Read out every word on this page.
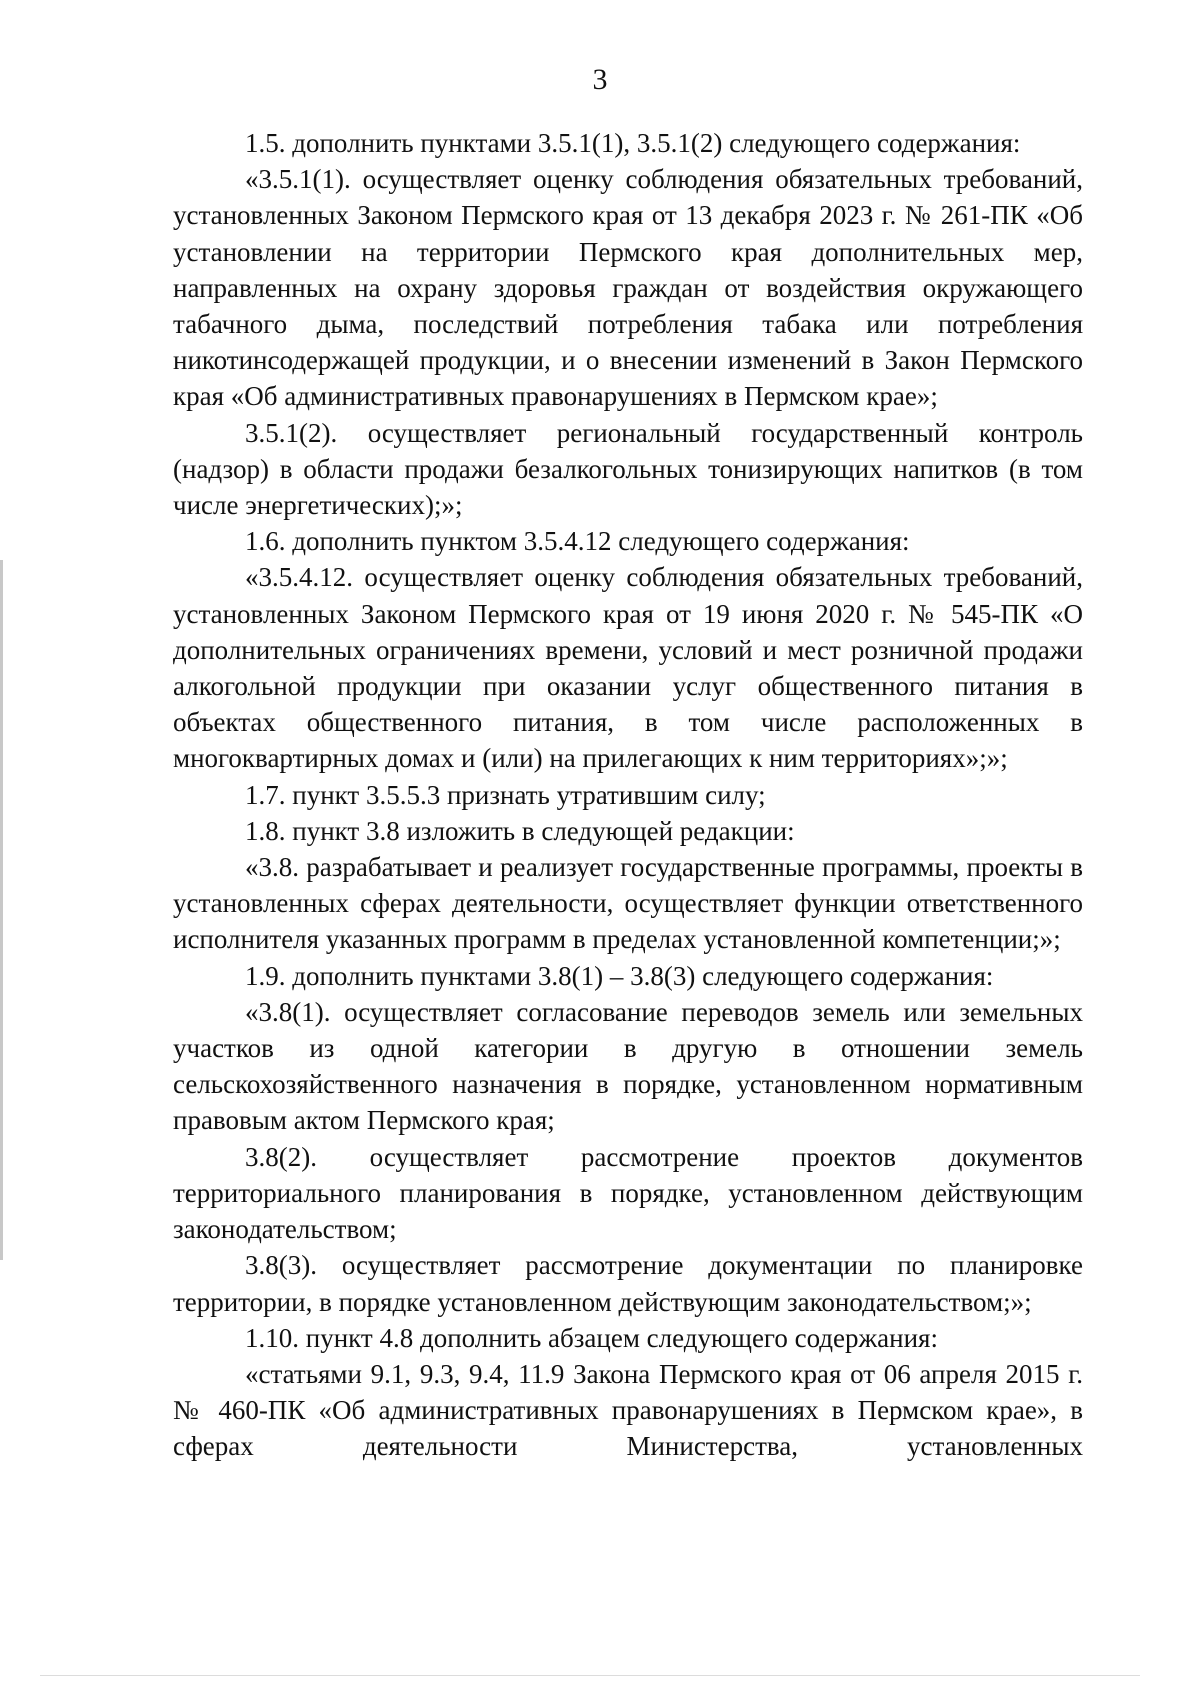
3

1.5. дополнить пунктами 3.5.1(1), 3.5.1(2) следующего содержания:

«3.5.1(1). осуществляет оценку соблюдения обязательных требований, установленных Законом Пермского края от 13 декабря 2023 г. № 261-ПК «Об установлении на территории Пермского края дополнительных мер, направленных на охрану здоровья граждан от воздействия окружающего табачного дыма, последствий потребления табака или потребления никотинсодержащей продукции, и о внесении изменений в Закон Пермского края «Об административных правонарушениях в Пермском крае»;

3.5.1(2). осуществляет региональный государственный контроль (надзор) в области продажи безалкогольных тонизирующих напитков (в том числе энергетических);»;

1.6. дополнить пунктом 3.5.4.12 следующего содержания:

«3.5.4.12. осуществляет оценку соблюдения обязательных требований, установленных Законом Пермского края от 19 июня 2020 г. № 545-ПК «О дополнительных ограничениях времени, условий и мест розничной продажи алкогольной продукции при оказании услуг общественного питания в объектах общественного питания, в том числе расположенных в многоквартирных домах и (или) на прилегающих к ним территориях»;»;

1.7. пункт 3.5.5.3 признать утратившим силу;

1.8. пункт 3.8 изложить в следующей редакции:

«3.8. разрабатывает и реализует государственные программы, проекты в установленных сферах деятельности, осуществляет функции ответственного исполнителя указанных программ в пределах установленной компетенции;»;

1.9. дополнить пунктами 3.8(1) – 3.8(3) следующего содержания:

«3.8(1). осуществляет согласование переводов земель или земельных участков из одной категории в другую в отношении земель сельскохозяйственного назначения в порядке, установленном нормативным правовым актом Пермского края;

3.8(2). осуществляет рассмотрение проектов документов территориального планирования в порядке, установленном действующим законодательством;

3.8(3). осуществляет рассмотрение документации по планировке территории, в порядке установленном действующим законодательством;»;

1.10. пункт 4.8 дополнить абзацем следующего содержания:

«статьями 9.1, 9.3, 9.4, 11.9 Закона Пермского края от 06 апреля 2015 г. № 460-ПК «Об административных правонарушениях в Пермском крае», в сферах деятельности Министерства, установленных
